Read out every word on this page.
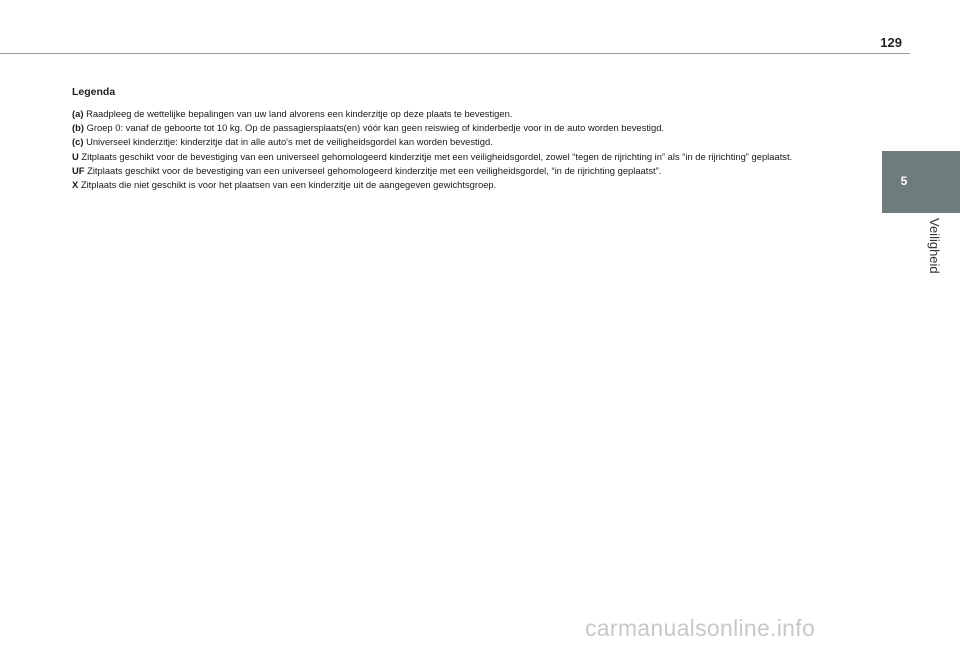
129
5
Veiligheid
Legenda
(a) Raadpleeg de wettelijke bepalingen van uw land alvorens een kinderzitje op deze plaats te bevestigen.
(b) Groep 0: vanaf de geboorte tot 10 kg. Op de passagiersplaats(en) vóór kan geen reiswieg of kinderbedje voor in de auto worden bevestigd.
(c) Universeel kinderzitje: kinderzitje dat in alle auto's met de veiligheidsgordel kan worden bevestigd.
U Zitplaats geschikt voor de bevestiging van een universeel gehomologeerd kinderzitje met een veiligheidsgordel, zowel “tegen de rijrichting in” als “in de rijrichting” geplaatst.
UF Zitplaats geschikt voor de bevestiging van een universeel gehomologeerd kinderzitje met een veiligheidsgordel, “in de rijrichting geplaatst”.
X Zitplaats die niet geschikt is voor het plaatsen van een kinderzitje uit de aangegeven gewichtsgroep.
carmanualsonline.info
